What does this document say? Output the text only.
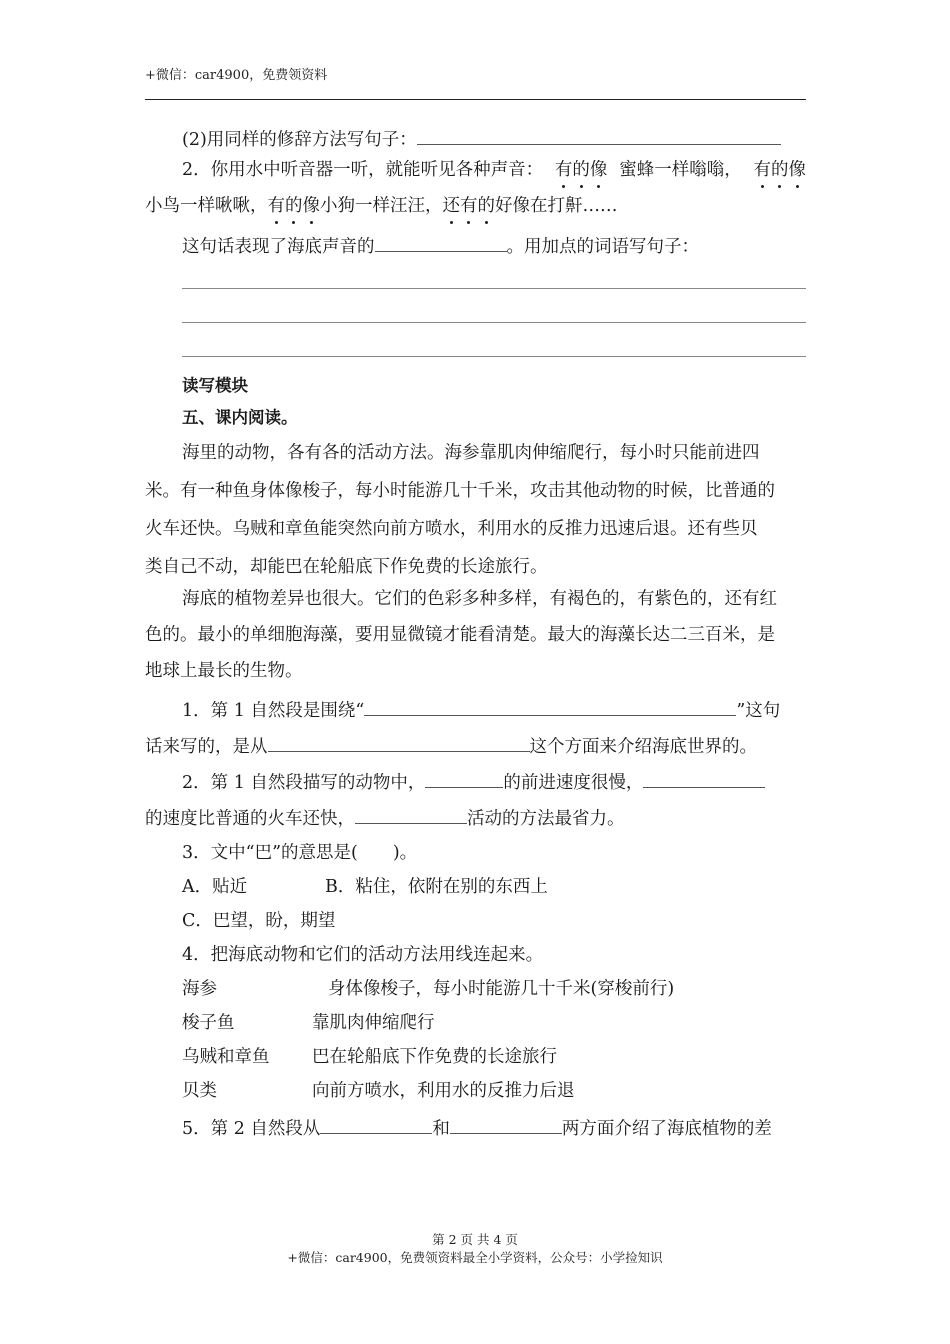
+微信：car4900，免费领资料
(2)用同样的修辞方法写句子：
2．你用水中听音器一听，就能听见各种声音： 有的像 蜜蜂一样嗡嗡， 有的像
小鸟一样啾啾，有的像小狗一样汪汪，还有的好像在打鼾……
这句话表现了海底声音的	。用加点的词语写句子：
读写模块
五、课内阅读。
海里的动物，各有各的活动方法。海参靠肌肉伸缩爬行，每小时只能前进四
米。有一种鱼身体像梭子，每小时能游几十千米，攻击其他动物的时候，比普通的
火车还快。乌贼和章鱼能突然向前方喷水，利用水的反推力迅速后退。还有些贝
类自己不动，却能巴在轮船底下作免费的长途旅行。
海底的植物差异也很大。它们的色彩多种多样，有褐色的，有紫色的，还有红
色的。最小的单细胞海藻，要用显微镜才能看清楚。最大的海藻长达二三百米，是
地球上最长的生物。
1．第 1 自然段是围绕“	”这句
话来写的，是从	这个方面来介绍海底世界的。
2．第 1 自然段描写的动物中，	的前进速度很慢，
的速度比普通的火车还快，	活动的方法最省力。
3．文中“巴”的意思是(　　)。
A．贴近	B．粘住，依附在别的东西上
C．巴望，盼，期望
4．把海底动物和它们的活动方法用线连起来。
海参	身体像梭子，每小时能游几十千米(穿梭前行)
梭子鱼	靠肌肉伸缩爬行
乌贼和章鱼 巴在轮船底下作免费的长途旅行
贝类	向前方喷水，利用水的反推力后退
5．第 2 自然段从	和	两方面介绍了海底植物的差
第 2 页 共 4 页
+微信：car4900，免费领资料最全小学资料，公众号：小学捡知识
